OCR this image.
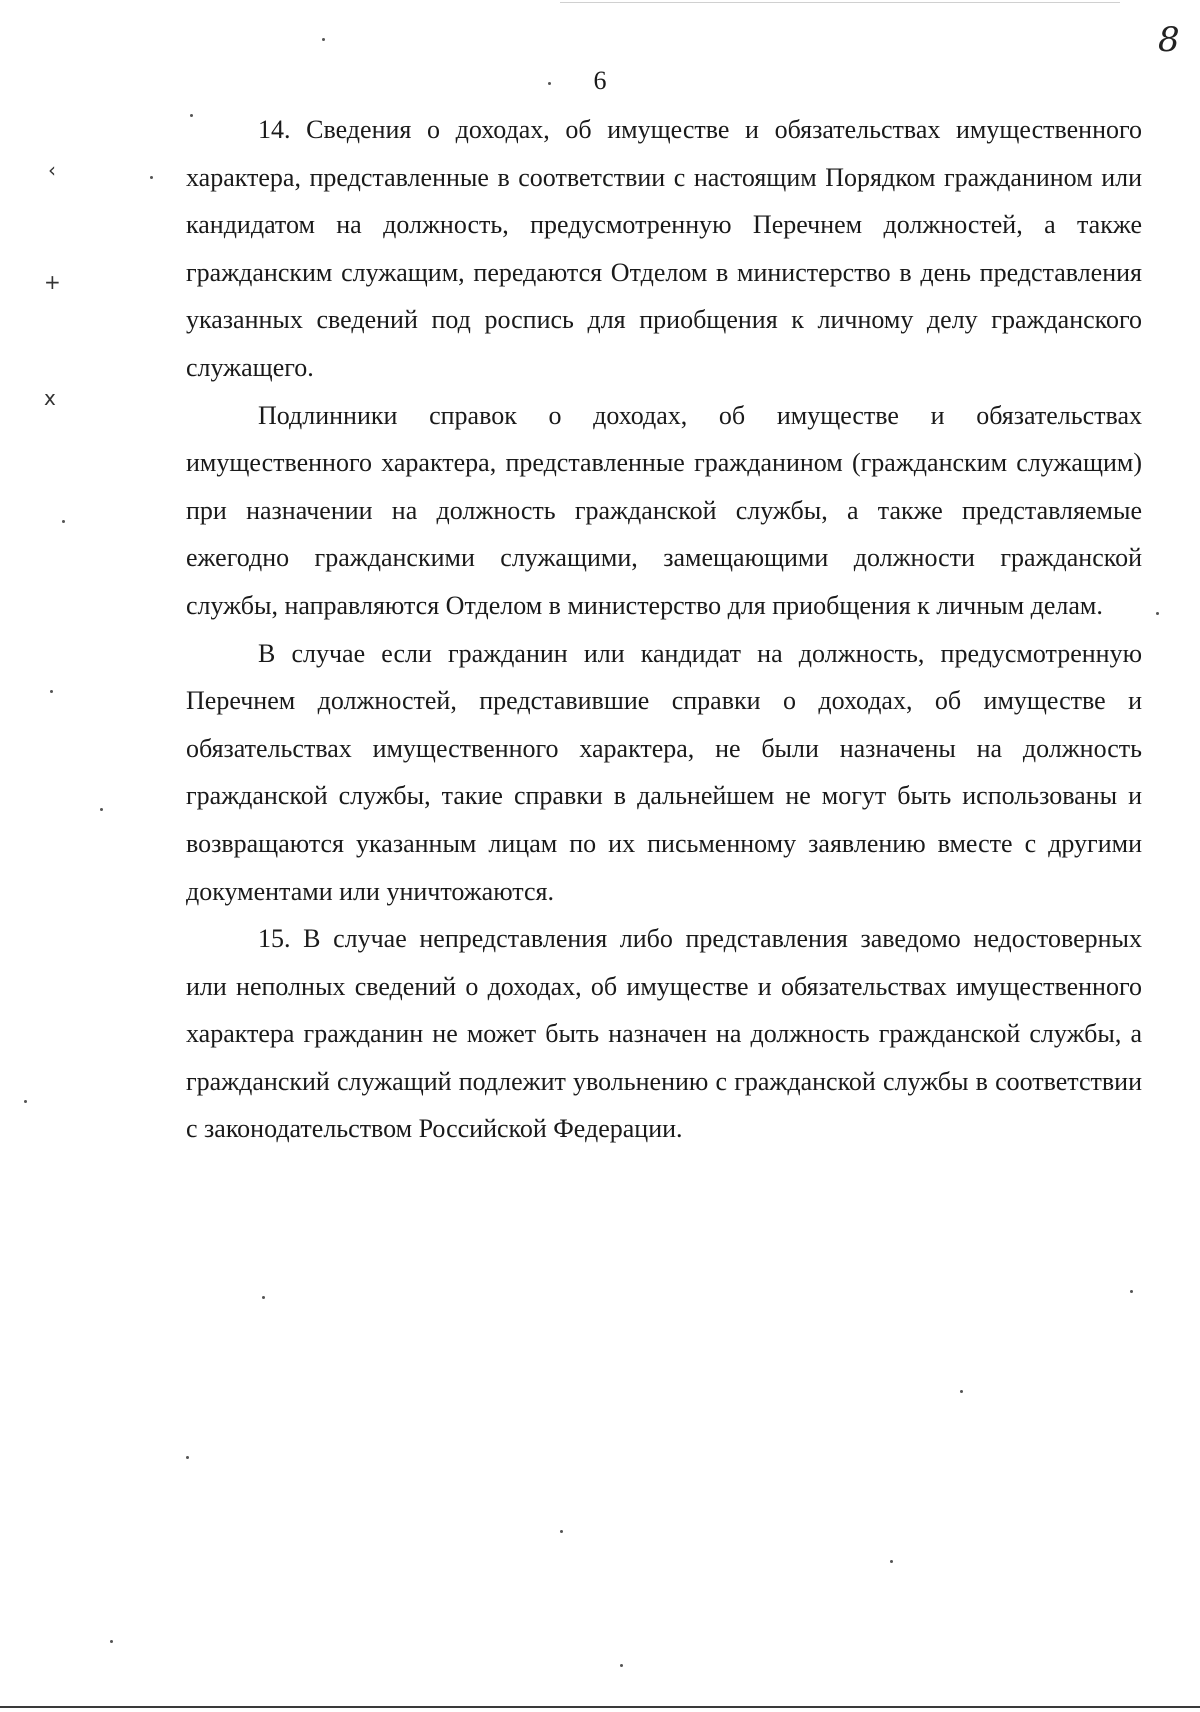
8
6
‹
+
x

14. Сведения о доходах, об имуществе и обязательствах имущественного характера, представленные в соответствии с настоящим Порядком гражданином или кандидатом на должность, предусмотренную Перечнем должностей, а также гражданским служащим, передаются Отделом в министерство в день представления указанных сведений под роспись для приобщения к личному делу гражданского служащего.

Подлинники справок о доходах, об имуществе и обязательствах имущественного характера, представленные гражданином (гражданским служащим) при назначении на должность гражданской службы, а также представляемые ежегодно гражданскими служащими, замещающими должности гражданской службы, направляются Отделом в министерство для приобщения к личным делам.

В случае если гражданин или кандидат на должность, предусмотренную Перечнем должностей, представившие справки о доходах, об имуществе и обязательствах имущественного характера, не были назначены на должность гражданской службы, такие справки в дальнейшем не могут быть использованы и возвращаются указанным лицам по их письменному заявлению вместе с другими документами или уничтожаются.

15. В случае непредставления либо представления заведомо недостоверных или неполных сведений о доходах, об имуществе и обязательствах имущественного характера гражданин не может быть назначен на должность гражданской службы, а гражданский служащий подлежит увольнению с гражданской службы в соответствии с законодательством Российской Федерации.
